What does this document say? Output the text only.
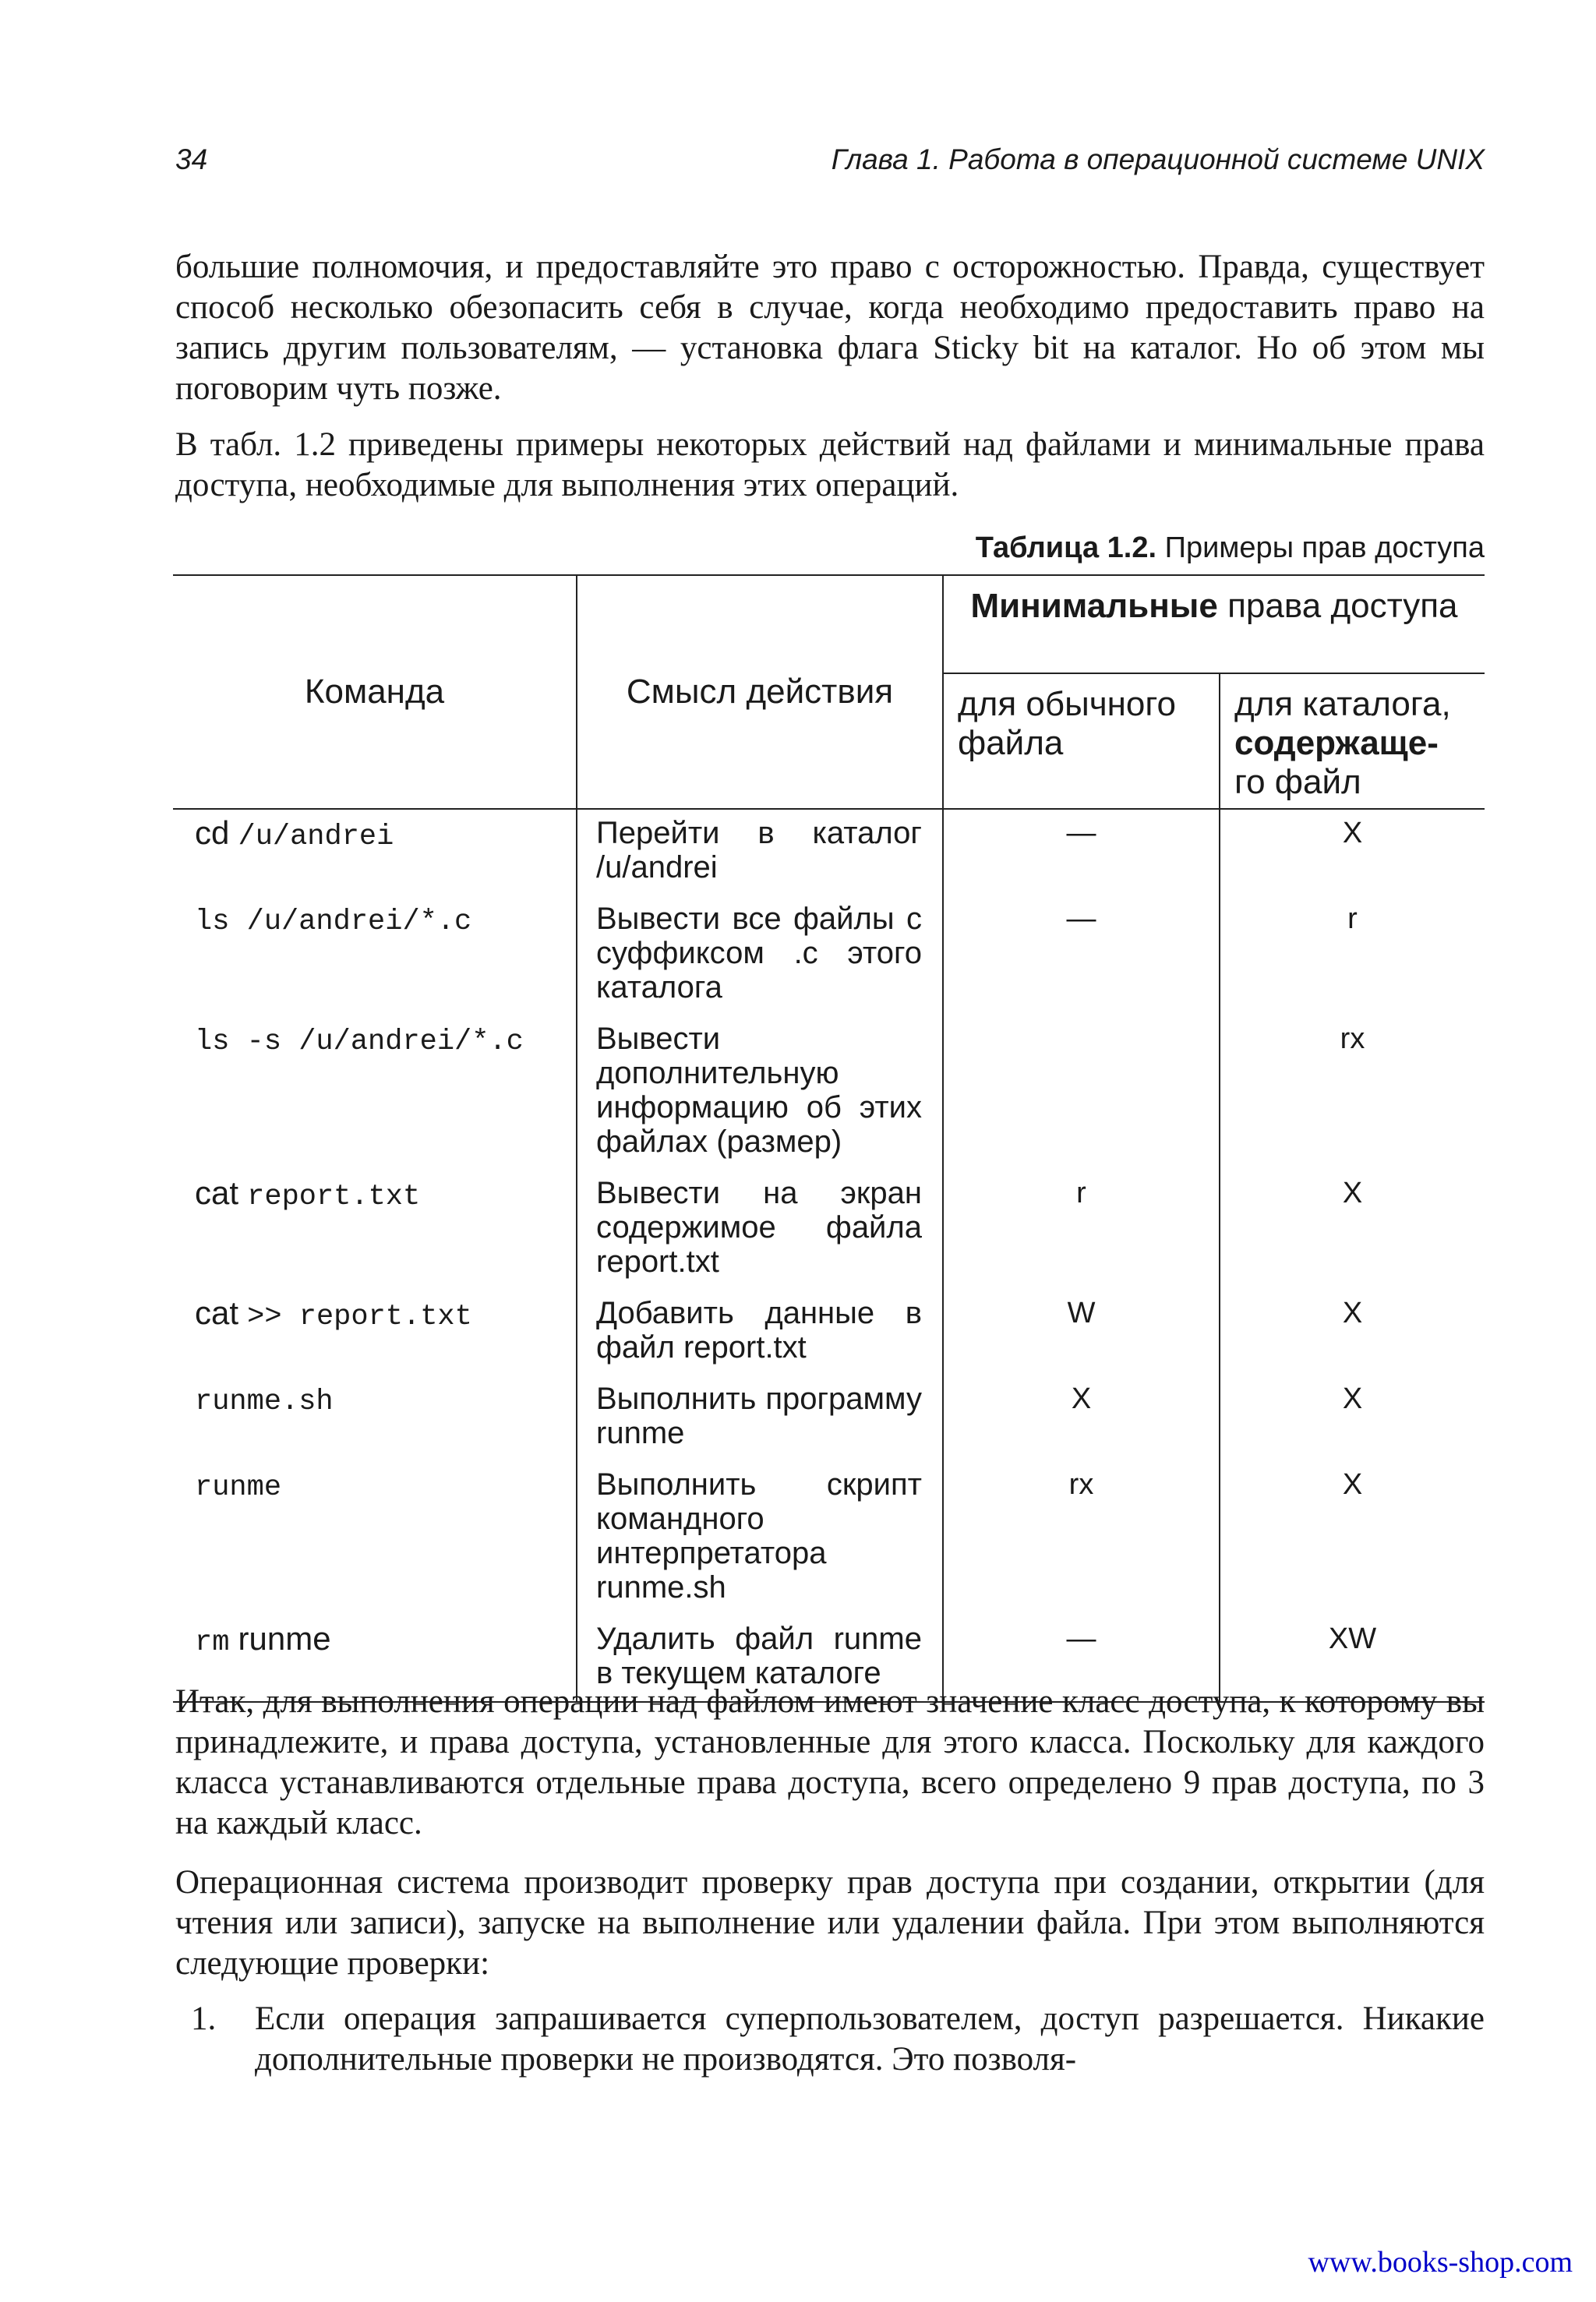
34	Глава 1. Работа в операционной системе UNIX

большие полномочия, и предоставляйте это право с осторожностью. Правда, существует способ несколько обезопасить себя в случае, когда необходимо предоставить право на запись другим пользователям, — установка флага Sticky bit на каталог. Но об этом мы поговорим чуть позже.

В табл. 1.2 приведены примеры некоторых действий над файлами и минимальные права доступа, необходимые для выполнения этих операций.

Таблица 1.2. Примеры прав доступа
Команда	Смысл действия	Минимальные права доступа	
		для обычного файла	для каталога,
содержаще-
го файл
cd /u/andrei	Перейти в каталог /u/andrei	—	X
ls /u/andrei/*.c	Вывести все файлы с суффиксом .c этого каталога	—	r
ls -s /u/andrei/*.c	Вывести дополнительную информацию об этих файлах (размер)		rx
cat report.txt	Вывести на экран содержимое файла report.txt	r	X
cat >> report.txt	Добавить данные в файл report.txt	W	X
runme.sh	Выполнить программу runme	X	X
runme	Выполнить скрипт командного интерпретатора runme.sh	rx	X
rm runme	Удалить файл runme в текущем каталоге	—	XW

Итак, для выполнения операции над файлом имеют значение класс доступа, к которому вы принадлежите, и права доступа, установленные для этого класса. Поскольку для каждого класса устанавливаются отдельные права доступа, всего определено 9 прав доступа, по 3 на каждый класс.

Операционная система производит проверку прав доступа при создании, открытии (для чтения или записи), запуске на выполнение или удалении файла. При этом выполняются следующие проверки:

1. Если операция запрашивается суперпользователем, доступ разрешается. Никакие дополнительные проверки не производятся. Это позволя-
www.books-shop.com
